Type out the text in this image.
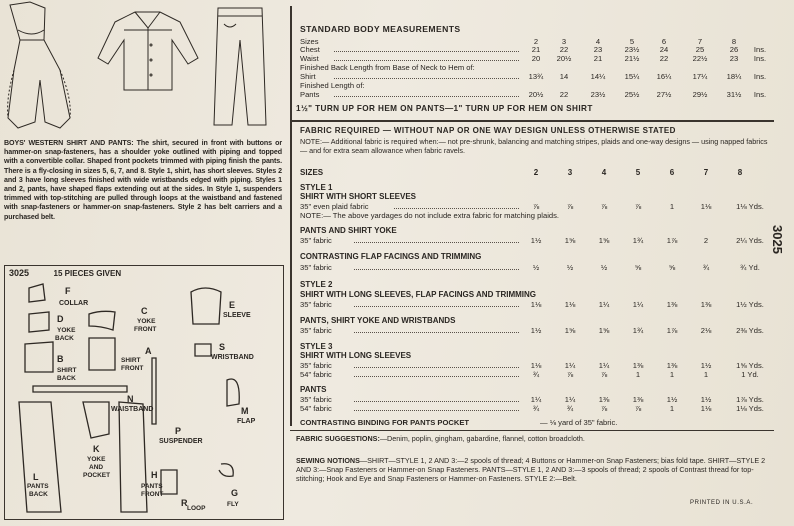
BOYS' WESTERN SHIRT AND PANTS: The shirt, secured in front with buttons or hammer-on snap-fasteners, has a shoulder yoke outlined with piping and topped with a convertible collar. Shaped front pockets trimmed with piping finish the pants. There is a fly-closing in sizes 5, 6, 7, and 8. Style 1, shirt, has short sleeves. Styles 2 and 3 have long sleeves finished with wide wristbands edged with piping. Styles 1 and 2, pants, have shaped flaps extending out at the sides. In Style 1, suspenders trimmed with top-stitching are pulled through loops at the waistband and fastened with snap-fasteners or hammer-on snap-fasteners. Style 2 has belt carriers and a purchased belt.
3025	15 PIECES GIVEN
F
COLLAR
D
YOKE
BACK
C
YOKE
FRONT
E
SLEEVE
B
SHIRT
BACK
A
SHIRT
FRONT
S
WRISTBAND
N
WAISTBAND	M
FLAP
P
SUSPENDER
K
YOKE
AND
POCKET
L
PANTS
BACK
H
PANTS
FRONT
R
LOOP
G
FLY
STANDARD BODY MEASUREMENTS
Sizes	2	3	4	5	6	7	8
Chest	21	22	23	23½	24	25	26	Ins.
Waist	20	20½	21	21½	22	22½	23	Ins.
Finished Back Length from Base of Neck to Hem of:
Shirt	13¾	14	14¼	15¼	16¼	17¼	18¼	Ins.
Finished Length of:
Pants	20½	22	23½	25½	27½	29½	31½	Ins.
1½" TURN UP FOR HEM ON PANTS—1" TURN UP FOR HEM ON SHIRT
FABRIC REQUIRED — WITHOUT NAP OR ONE WAY DESIGN UNLESS OTHERWISE STATED
NOTE:— Additional fabric is required when:— not pre-shrunk, balancing and matching stripes, plaids and one-way designs — using napped fabrics — and for extra seam allowance when fabric ravels.
SIZES	2	3	4	5	6	7	8
STYLE 1
SHIRT WITH SHORT SLEEVES
35" even plaid fabric	⅞	⅞	⅞	⅞	1	1⅛	1⅛ Yds.
NOTE:— The above yardages do not include extra fabric for matching plaids.
PANTS AND SHIRT YOKE
35" fabric	1½	1⅝	1⅝	1¾	1⅞	2	2¼ Yds.
CONTRASTING FLAP FACINGS AND TRIMMING
35" fabric	½	½	½	⅝	⅝	¾	¾ Yd.
STYLE 2
SHIRT WITH LONG SLEEVES, FLAP FACINGS AND TRIMMING
35" fabric	1⅛	1⅛	1¼	1¼	1⅜	1⅜	1½ Yds.
PANTS, SHIRT YOKE AND WRISTBANDS
35" fabric	1½	1⅝	1⅝	1¾	1⅞	2⅛	2⅜ Yds.
STYLE 3
SHIRT WITH LONG SLEEVES
35" fabric	1⅛	1¼	1¼	1⅜	1⅜	1½	1⅝ Yds.
54" fabric	¾	⅞	⅞	1	1	1	1 Yd.
PANTS
35" fabric	1¼	1¼	1⅜	1⅜	1½	1½	1⅞ Yds.
54" fabric	¾	¾	⅞	⅞	1	1⅛	1⅛ Yds.
CONTRASTING BINDING FOR PANTS POCKET	— ⅛ yard of 35" fabric.
FABRIC SUGGESTIONS:—Denim, poplin, gingham, gabardine, flannel, cotton broadcloth.
SEWING NOTIONS—SHIRT—STYLE 1, 2 AND 3:—2 spools of thread; 4 Buttons or Hammer-on Snap Fasteners; bias fold tape. SHIRT—STYLE 2 AND 3:—Snap Fasteners or Hammer-on Snap Fasteners. PANTS—STYLE 1, 2 AND 3:—3 spools of thread; 2 spools of Contrast thread for top-stitching; Hook and Eye and Snap Fasteners or Hammer-on Fasteners. STYLE 2:—Belt.
PRINTED IN U.S.A.
3025
